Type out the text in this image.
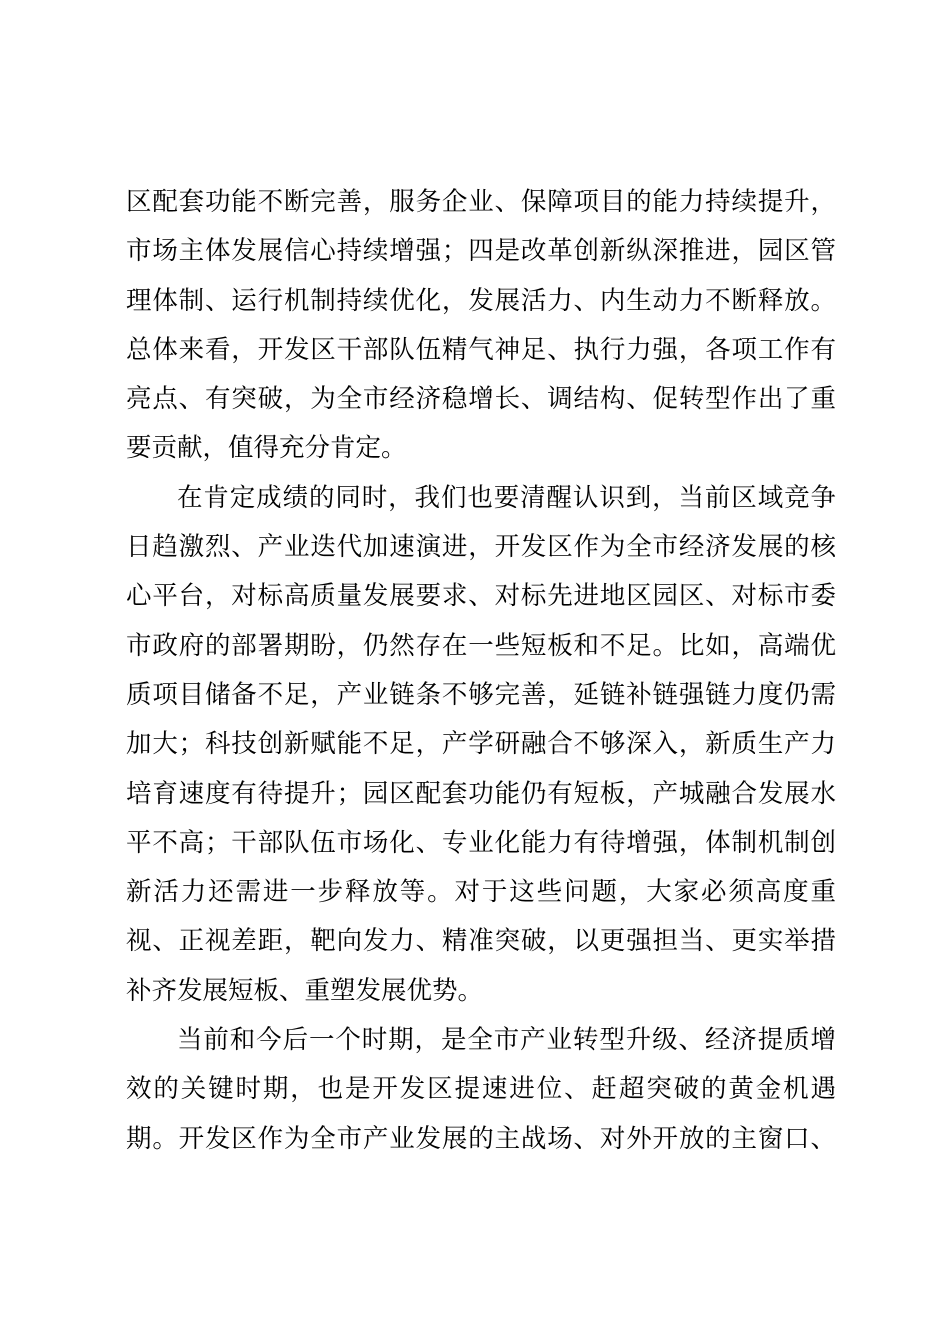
区配套功能不断完善，服务企业、保障项目的能力持续提升，
市场主体发展信心持续增强；四是改革创新纵深推进，园区管
理体制、运行机制持续优化，发展活力、内生动力不断释放。
总体来看，开发区干部队伍精气神足、执行力强，各项工作有
亮点、有突破，为全市经济稳增长、调结构、促转型作出了重
要贡献，值得充分肯定。
在肯定成绩的同时，我们也要清醒认识到，当前区域竞争
日趋激烈、产业迭代加速演进，开发区作为全市经济发展的核
心平台，对标高质量发展要求、对标先进地区园区、对标市委
市政府的部署期盼，仍然存在一些短板和不足。比如，高端优
质项目储备不足，产业链条不够完善，延链补链强链力度仍需
加大；科技创新赋能不足，产学研融合不够深入，新质生产力
培育速度有待提升；园区配套功能仍有短板，产城融合发展水
平不高；干部队伍市场化、专业化能力有待增强，体制机制创
新活力还需进一步释放等。对于这些问题，大家必须高度重
视、正视差距，靶向发力、精准突破，以更强担当、更实举措
补齐发展短板、重塑发展优势。
当前和今后一个时期，是全市产业转型升级、经济提质增
效的关键时期，也是开发区提速进位、赶超突破的黄金机遇
期。开发区作为全市产业发展的主战场、对外开放的主窗口、
